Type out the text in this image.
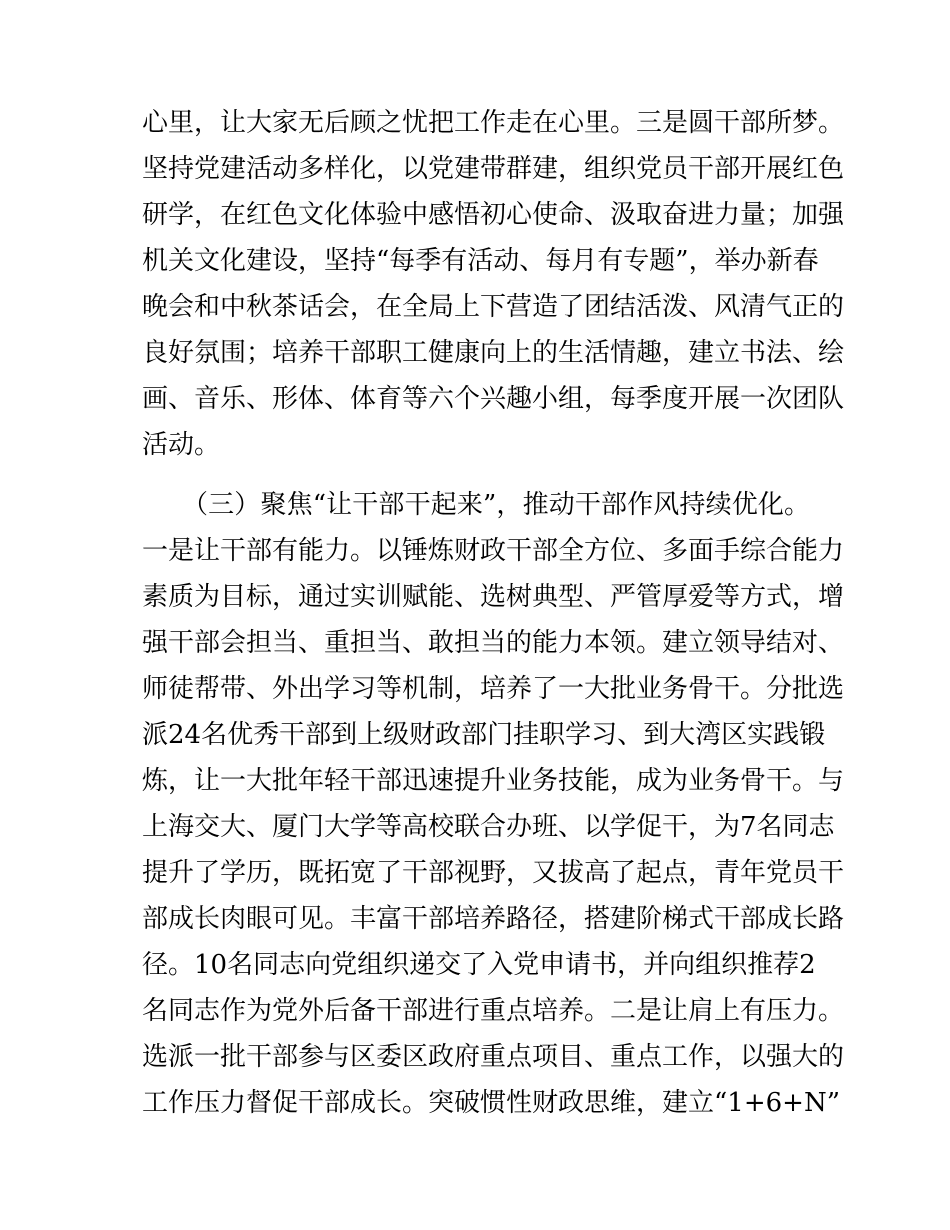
心里，让大家无后顾之忧把工作走在心里。三是圆干部所梦。
坚持党建活动多样化，以党建带群建，组织党员干部开展红色
研学，在红色文化体验中感悟初心使命、汲取奋进力量；加强
机关文化建设，坚持“每季有活动、每月有专题”，举办新春
晚会和中秋茶话会，在全局上下营造了团结活泼、风清气正的
良好氛围；培养干部职工健康向上的生活情趣，建立书法、绘
画、音乐、形体、体育等六个兴趣小组，每季度开展一次团队
活动。
（三）聚焦“让干部干起来”，推动干部作风持续优化。
一是让干部有能力。以锤炼财政干部全方位、多面手综合能力
素质为目标，通过实训赋能、选树典型、严管厚爱等方式，增
强干部会担当、重担当、敢担当的能力本领。建立领导结对、
师徒帮带、外出学习等机制，培养了一大批业务骨干。分批选
派24名优秀干部到上级财政部门挂职学习、到大湾区实践锻
炼，让一大批年轻干部迅速提升业务技能，成为业务骨干。与
上海交大、厦门大学等高校联合办班、以学促干，为7名同志
提升了学历，既拓宽了干部视野，又拔高了起点，青年党员干
部成长肉眼可见。丰富干部培养路径，搭建阶梯式干部成长路
径。10名同志向党组织递交了入党申请书，并向组织推荐2
名同志作为党外后备干部进行重点培养。二是让肩上有压力。
选派一批干部参与区委区政府重点项目、重点工作，以强大的
工作压力督促干部成长。突破惯性财政思维，建立“1+6+N”
